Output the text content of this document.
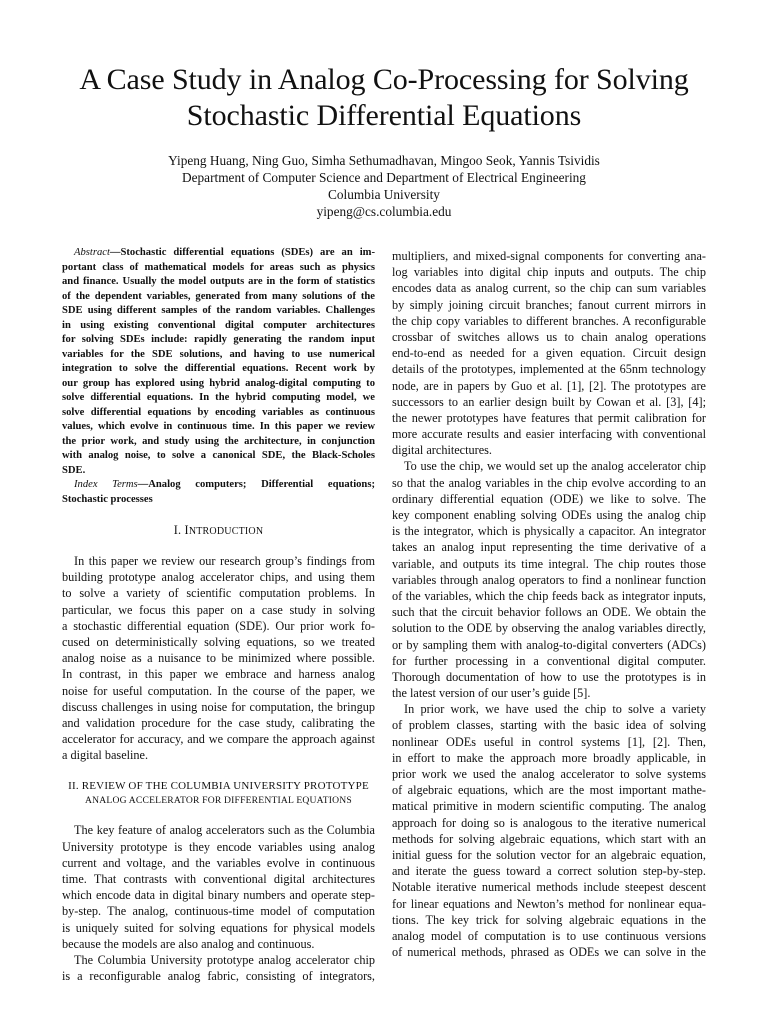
A Case Study in Analog Co-Processing for Solving
Stochastic Differential Equations
Yipeng Huang, Ning Guo, Simha Sethumadhavan, Mingoo Seok, Yannis Tsividis
Department of Computer Science and Department of Electrical Engineering
Columbia University
yipeng@cs.columbia.edu
Abstract—Stochastic differential equations (SDEs) are an im-
portant class of mathematical models for areas such as physics
and finance. Usually the model outputs are in the form of statistics
of the dependent variables, generated from many solutions of the
SDE using different samples of the random variables. Challenges
in using existing conventional digital computer architectures
for solving SDEs include: rapidly generating the random input
variables for the SDE solutions, and having to use numerical
integration to solve the differential equations. Recent work by
our group has explored using hybrid analog-digital computing to
solve differential equations. In the hybrid computing model, we
solve differential equations by encoding variables as continuous
values, which evolve in continuous time. In this paper we review
the prior work, and study using the architecture, in conjunction
with analog noise, to solve a canonical SDE, the Black-Scholes
SDE.
Index Terms—Analog computers; Differential equations;
Stochastic processes
I. INTRODUCTION
In this paper we review our research group’s findings from
building prototype analog accelerator chips, and using them
to solve a variety of scientific computation problems. In
particular, we focus this paper on a case study in solving
a stochastic differential equation (SDE). Our prior work fo-
cused on deterministically solving equations, so we treated
analog noise as a nuisance to be minimized where possible.
In contrast, in this paper we embrace and harness analog
noise for useful computation. In the course of the paper, we
discuss challenges in using noise for computation, the bringup
and validation procedure for the case study, calibrating the
accelerator for accuracy, and we compare the approach against
a digital baseline.
II. REVIEW OF THE COLUMBIA UNIVERSITY PROTOTYPE
ANALOG ACCELERATOR FOR DIFFERENTIAL EQUATIONS
The key feature of analog accelerators such as the Columbia
University prototype is they encode variables using analog
current and voltage, and the variables evolve in continuous
time. That contrasts with conventional digital architectures
which encode data in digital binary numbers and operate step-
by-step. The analog, continuous-time model of computation
is uniquely suited for solving equations for physical models
because the models are also analog and continuous.
The Columbia University prototype analog accelerator chip
is a reconfigurable analog fabric, consisting of integrators,
multipliers, and mixed-signal components for converting ana-
log variables into digital chip inputs and outputs. The chip
encodes data as analog current, so the chip can sum variables
by simply joining circuit branches; fanout current mirrors in
the chip copy variables to different branches. A reconfigurable
crossbar of switches allows us to chain analog operations
end-to-end as needed for a given equation. Circuit design
details of the prototypes, implemented at the 65nm technology
node, are in papers by Guo et al. [1], [2]. The prototypes are
successors to an earlier design built by Cowan et al. [3], [4];
the newer prototypes have features that permit calibration for
more accurate results and easier interfacing with conventional
digital architectures.
To use the chip, we would set up the analog accelerator chip
so that the analog variables in the chip evolve according to an
ordinary differential equation (ODE) we like to solve. The
key component enabling solving ODEs using the analog chip
is the integrator, which is physically a capacitor. An integrator
takes an analog input representing the time derivative of a
variable, and outputs its time integral. The chip routes those
variables through analog operators to find a nonlinear function
of the variables, which the chip feeds back as integrator inputs,
such that the circuit behavior follows an ODE. We obtain the
solution to the ODE by observing the analog variables directly,
or by sampling them with analog-to-digital converters (ADCs)
for further processing in a conventional digital computer.
Thorough documentation of how to use the prototypes is in
the latest version of our user’s guide [5].
In prior work, we have used the chip to solve a variety
of problem classes, starting with the basic idea of solving
nonlinear ODEs useful in control systems [1], [2]. Then,
in effort to make the approach more broadly applicable, in
prior work we used the analog accelerator to solve systems
of algebraic equations, which are the most important mathe-
matical primitive in modern scientific computing. The analog
approach for doing so is analogous to the iterative numerical
methods for solving algebraic equations, which start with an
initial guess for the solution vector for an algebraic equation,
and iterate the guess toward a correct solution step-by-step.
Notable iterative numerical methods include steepest descent
for linear equations and Newton’s method for nonlinear equa-
tions. The key trick for solving algebraic equations in the
analog model of computation is to use continuous versions
of numerical methods, phrased as ODEs we can solve in the
